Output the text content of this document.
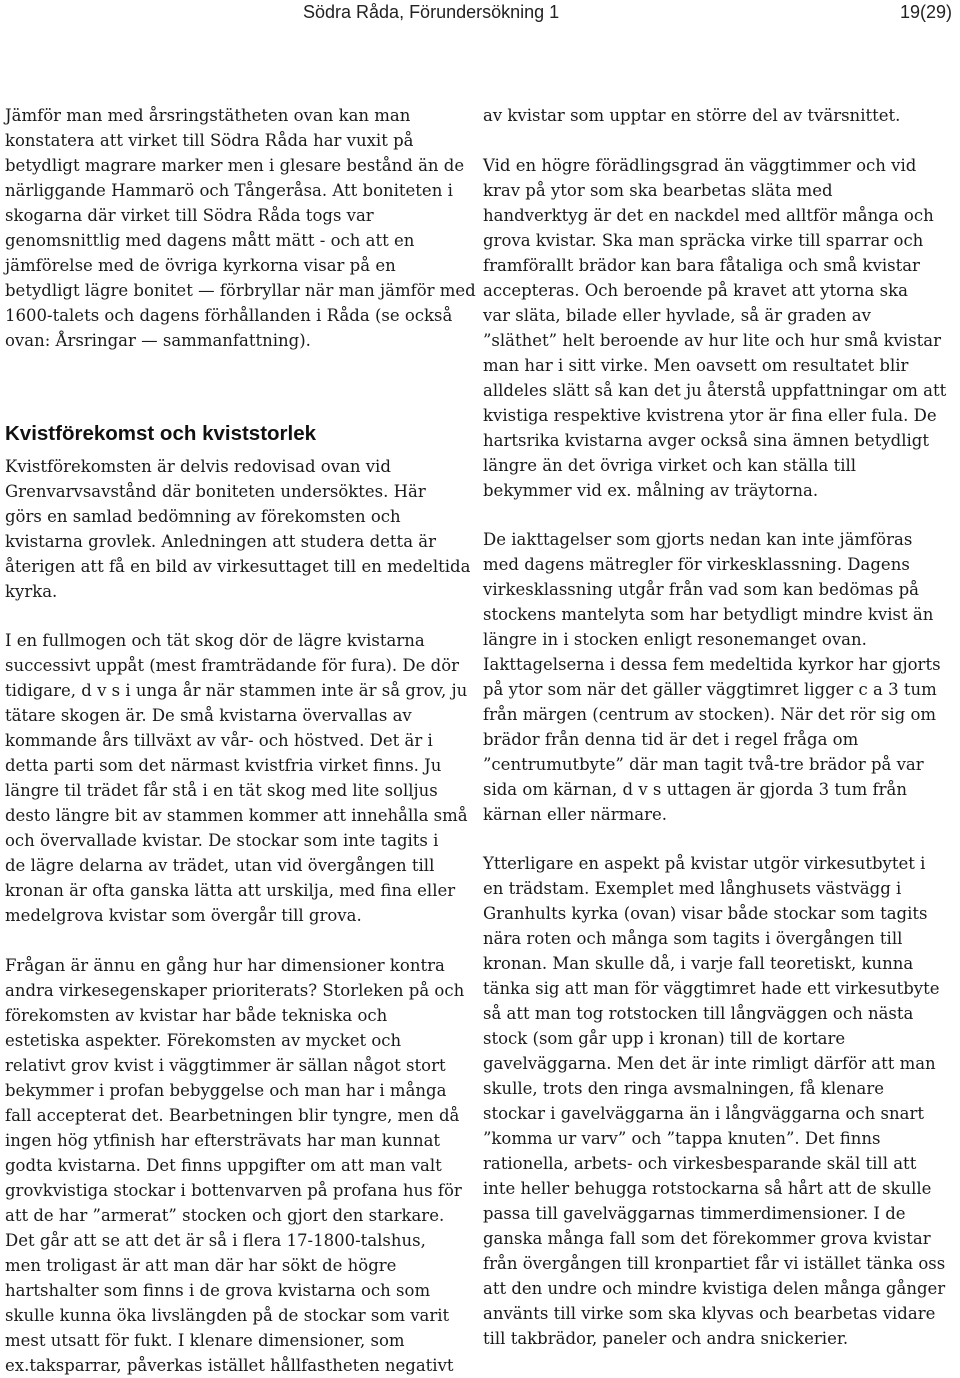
Södra Råda, Förundersökning 1	19(29)

Jämför man med årsringstätheten ovan kan man
konstatera att virket till Södra Råda har vuxit på
betydligt magrare marker men i glesare bestånd än de
närliggande Hammarö och Tångeråsa. Att boniteten i
skogarna där virket till Södra Råda togs var
genomsnittlig med dagens mått mätt - och att en
jämförelse med de övriga kyrkorna visar på en
betydligt lägre bonitet — förbryllar när man jämför med
1600-talets och dagens förhållanden i Råda (se också
ovan: Årsringar — sammanfattning).

Kvistförekomst och kviststorlek

Kvistförekomsten är delvis redovisad ovan vid
Grenvarvsavstånd där boniteten undersöktes. Här
görs en samlad bedömning av förekomsten och
kvistarna grovlek. Anledningen att studera detta är
återigen att få en bild av virkesuttaget till en medeltida
kyrka.

I en fullmogen och tät skog dör de lägre kvistarna
successivt uppåt (mest framträdande för fura). De dör
tidigare, d v s i unga år när stammen inte är så grov, ju
tätare skogen är. De små kvistarna övervallas av
kommande års tillväxt av vår- och höstved. Det är i
detta parti som det närmast kvistfria virket finns. Ju
längre til trädet får stå i en tät skog med lite solljus
desto längre bit av stammen kommer att innehålla små
och övervallade kvistar. De stockar som inte tagits i
de lägre delarna av trädet, utan vid övergången till
kronan är ofta ganska lätta att urskilja, med fina eller
medelgrova kvistar som övergår till grova.

Frågan är ännu en gång hur har dimensioner kontra
andra virkesegenskaper prioriterats? Storleken på och
förekomsten av kvistar har både tekniska och
estetiska aspekter. Förekomsten av mycket och
relativt grov kvist i väggtimmer är sällan något stort
bekymmer i profan bebyggelse och man har i många
fall accepterat det. Bearbetningen blir tyngre, men då
ingen hög ytfinish har eftersträvats har man kunnat
godta kvistarna. Det finns uppgifter om att man valt
grovkvistiga stockar i bottenvarven på profana hus för
att de har ”armerat” stocken och gjort den starkare.
Det går att se att det är så i flera 17-1800-talshus,
men troligast är att man där har sökt de högre
hartshalter som finns i de grova kvistarna och som
skulle kunna öka livslängden på de stockar som varit
mest utsatt för fukt. I klenare dimensioner, som
ex.taksparrar, påverkas istället hållfastheten negativt

av kvistar som upptar en större del av tvärsnittet.

Vid en högre förädlingsgrad än väggtimmer och vid
krav på ytor som ska bearbetas släta med
handverktyg är det en nackdel med alltför många och
grova kvistar. Ska man spräcka virke till sparrar och
framförallt brädor kan bara fåtaliga och små kvistar
accepteras. Och beroende på kravet att ytorna ska
var släta, bilade eller hyvlade, så är graden av
”släthet” helt beroende av hur lite och hur små kvistar
man har i sitt virke. Men oavsett om resultatet blir
alldeles slätt så kan det ju återstå uppfattningar om att
kvistiga respektive kvistrena ytor är fina eller fula. De
hartsrika kvistarna avger också sina ämnen betydligt
längre än det övriga virket och kan ställa till
bekymmer vid ex. målning av träytorna.

De iakttagelser som gjorts nedan kan inte jämföras
med dagens mätregler för virkesklassning. Dagens
virkesklassning utgår från vad som kan bedömas på
stockens mantelyta som har betydligt mindre kvist än
längre in i stocken enligt resonemanget ovan.
Iakttagelserna i dessa fem medeltida kyrkor har gjorts
på ytor som när det gäller väggtimret ligger c a 3 tum
från märgen (centrum av stocken). När det rör sig om
brädor från denna tid är det i regel fråga om
”centrumutbyte” där man tagit två-tre brädor på var
sida om kärnan, d v s uttagen är gjorda 3 tum från
kärnan eller närmare.

Ytterligare en aspekt på kvistar utgör virkesutbytet i
en trädstam. Exemplet med långhusets västvägg i
Granhults kyrka (ovan) visar både stockar som tagits
nära roten och många som tagits i övergången till
kronan. Man skulle då, i varje fall teoretiskt, kunna
tänka sig att man för väggtimret hade ett virkesutbyte
så att man tog rotstocken till långväggen och nästa
stock (som går upp i kronan) till de kortare
gavelväggarna. Men det är inte rimligt därför att man
skulle, trots den ringa avsmalningen, få klenare
stockar i gavelväggarna än i långväggarna och snart
”komma ur varv” och ”tappa knuten”. Det finns
rationella, arbets- och virkesbesparande skäl till att
inte heller behugga rotstockarna så hårt att de skulle
passa till gavelväggarnas timmerdimensioner. I de
ganska många fall som det förekommer grova kvistar
från övergången till kronpartiet får vi istället tänka oss
att den undre och mindre kvistiga delen många gånger
använts till virke som ska klyvas och bearbetas vidare
till takbrädor, paneler och andra snickerier.
